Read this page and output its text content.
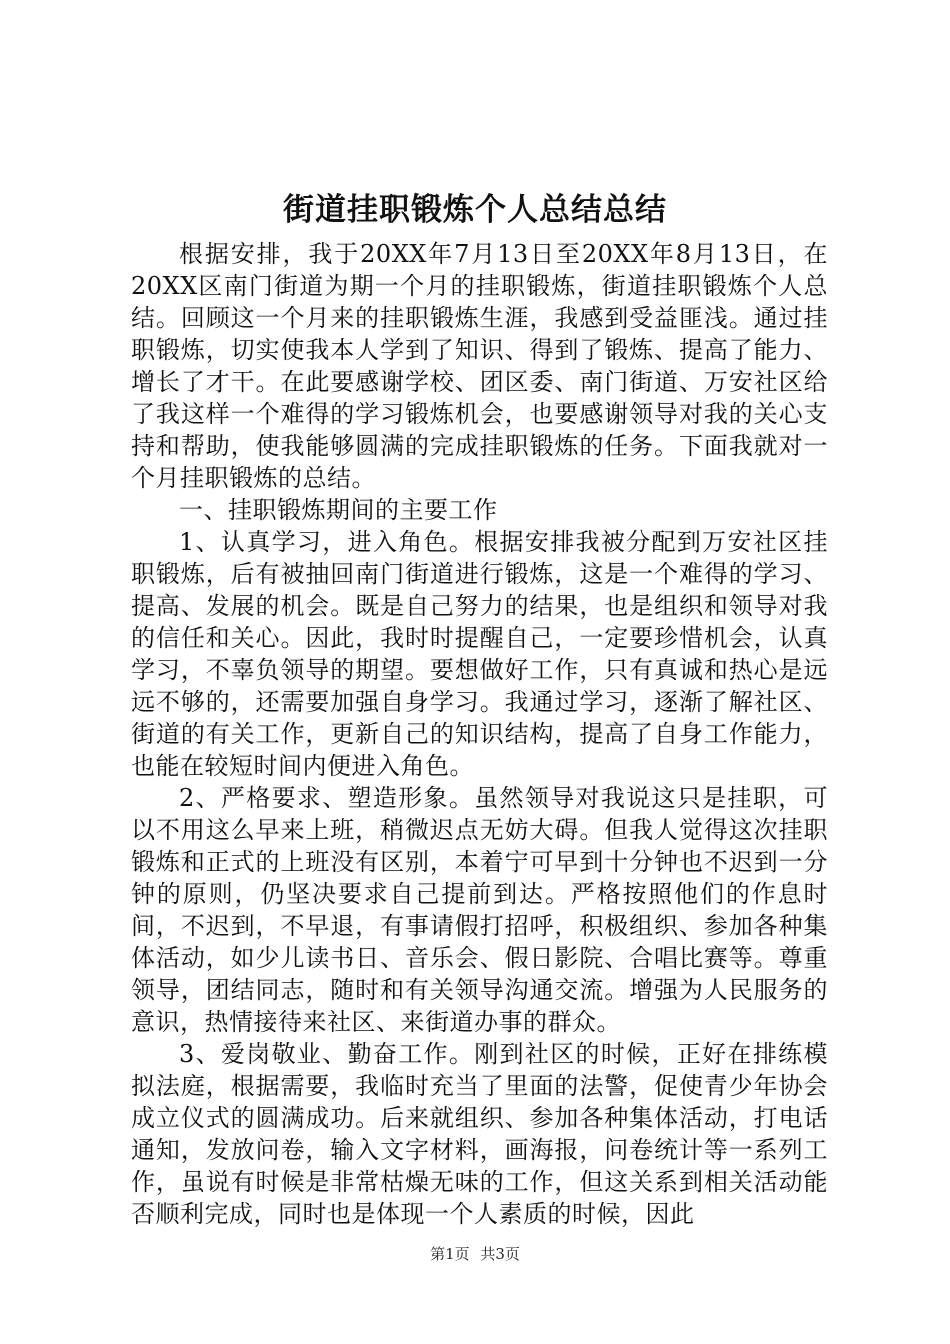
街道挂职锻炼个人总结总结

根据安排，我于20XX年7月13日至20XX年8月13日，在20XX区南门街道为期一个月的挂职锻炼，街道挂职锻炼个人总结。回顾这一个月来的挂职锻炼生涯，我感到受益匪浅。通过挂职锻炼，切实使我本人学到了知识、得到了锻炼、提高了能力、增长了才干。在此要感谢学校、团区委、南门街道、万安社区给了我这样一个难得的学习锻炼机会，也要感谢领导对我的关心支持和帮助，使我能够圆满的完成挂职锻炼的任务。下面我就对一个月挂职锻炼的总结。

一、挂职锻炼期间的主要工作

1、认真学习，进入角色。根据安排我被分配到万安社区挂职锻炼，后有被抽回南门街道进行锻炼，这是一个难得的学习、提高、发展的机会。既是自己努力的结果，也是组织和领导对我的信任和关心。因此，我时时提醒自己，一定要珍惜机会，认真学习，不辜负领导的期望。要想做好工作，只有真诚和热心是远远不够的，还需要加强自身学习。我通过学习，逐渐了解社区、街道的有关工作，更新自己的知识结构，提高了自身工作能力，也能在较短时间内便进入角色。

2、严格要求、塑造形象。虽然领导对我说这只是挂职，可以不用这么早来上班，稍微迟点无妨大碍。但我人觉得这次挂职锻炼和正式的上班没有区别，本着宁可早到十分钟也不迟到一分钟的原则，仍坚决要求自己提前到达。严格按照他们的作息时间，不迟到，不早退，有事请假打招呼，积极组织、参加各种集体活动，如少儿读书日、音乐会、假日影院、合唱比赛等。尊重领导，团结同志，随时和有关领导沟通交流。增强为人民服务的意识，热情接待来社区、来街道办事的群众。

3、爱岗敬业、勤奋工作。刚到社区的时候，正好在排练模拟法庭，根据需要，我临时充当了里面的法警，促使青少年协会成立仪式的圆满成功。后来就组织、参加各种集体活动，打电话通知，发放问卷，输入文字材料，画海报，问卷统计等一系列工作，虽说有时候是非常枯燥无味的工作，但这关系到相关活动能否顺利完成，同时也是体现一个人素质的时候，因此

第1页 共3页
